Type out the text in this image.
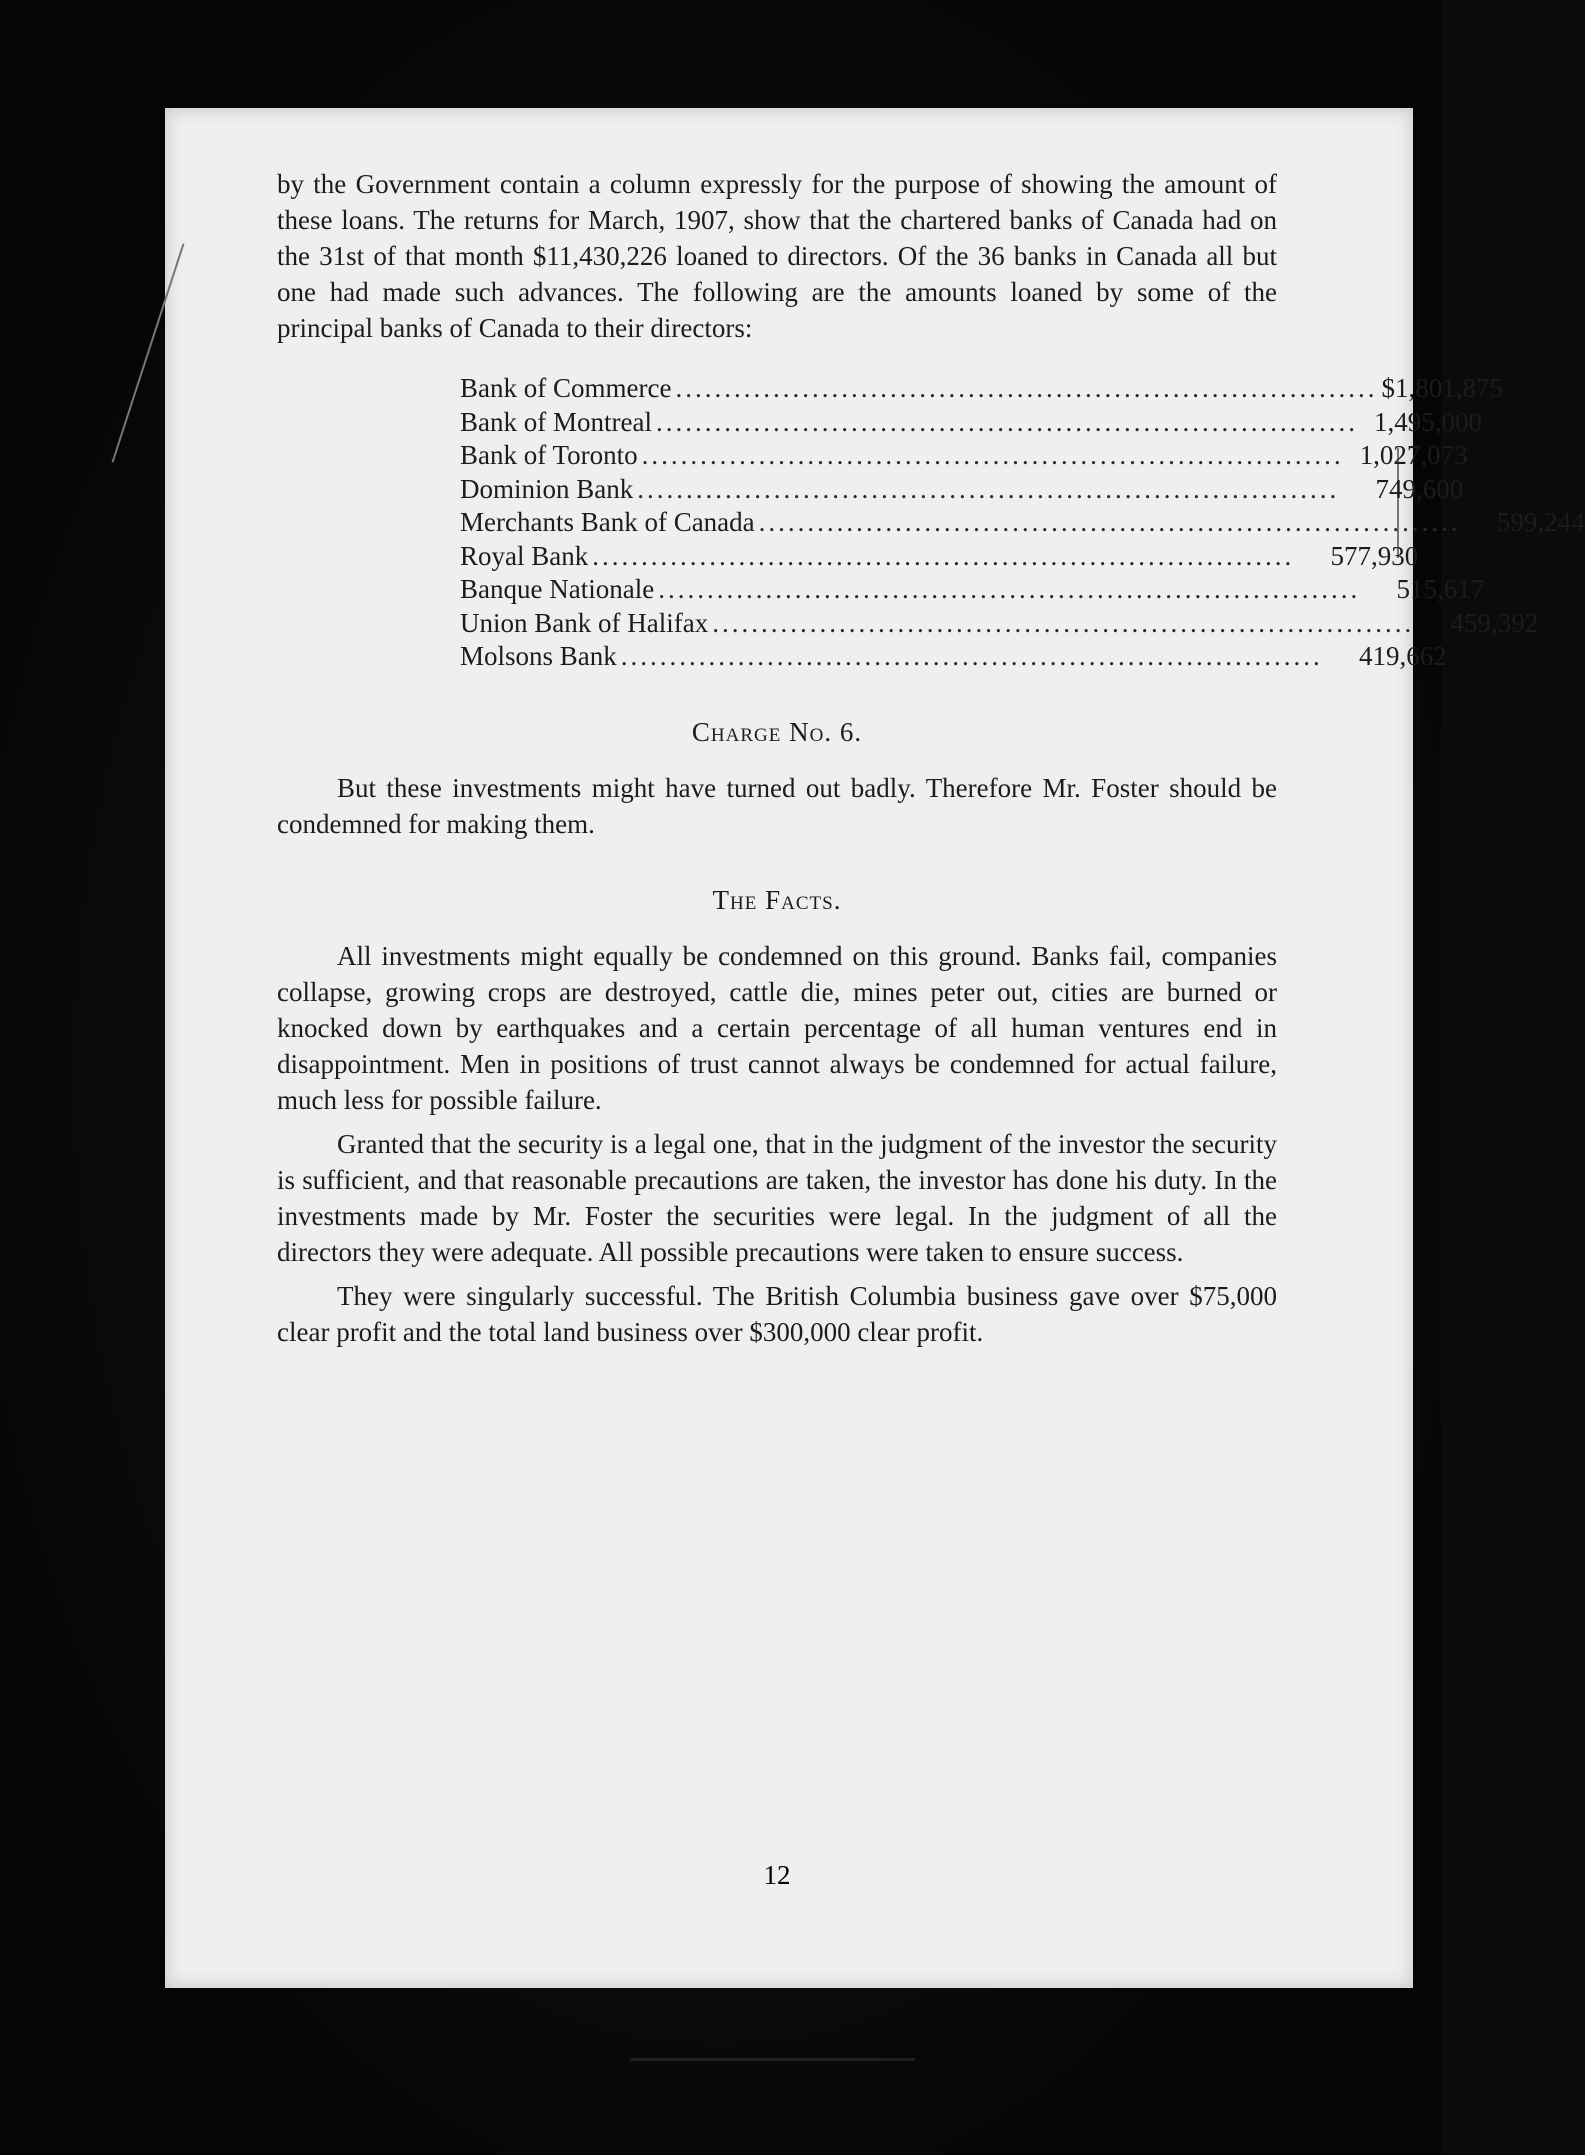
by the Government contain a column expressly for the purpose of showing the amount of these loans. The returns for March, 1907, show that the chartered banks of Canada had on the 31st of that month $11,430,226 loaned to directors. Of the 36 banks in Canada all but one had made such advances. The following are the amounts loaned by some of the principal banks of Canada to their directors:

Bank of Commerce ........................................................................ $1,801,875
Bank of Montreal ........................................................................ 1,495,000
Bank of Toronto ........................................................................ 1,027,073
Dominion Bank ........................................................................	749,600
Merchants Bank of Canada ........................................................................	599,244
Royal Bank ........................................................................	577,930
Banque Nationale ........................................................................	515,617
Union Bank of Halifax ........................................................................	459,392
Molsons Bank ........................................................................	419,662
Charge No. 6.

But these investments might have turned out badly. Therefore Mr. Foster should be condemned for making them.

The Facts.

All investments might equally be condemned on this ground. Banks fail, companies collapse, growing crops are destroyed, cattle die, mines peter out, cities are burned or knocked down by earthquakes and a certain percentage of all human ventures end in disappointment. Men in positions of trust cannot always be condemned for actual failure, much less for possible failure.

Granted that the security is a legal one, that in the judgment of the investor the security is sufficient, and that reasonable precautions are taken, the investor has done his duty. In the investments made by Mr. Foster the securities were legal. In the judgment of all the directors they were adequate. All possible precautions were taken to ensure success.

They were singularly successful. The British Columbia business gave over $75,000 clear profit and the total land business over $300,000 clear profit.

12
